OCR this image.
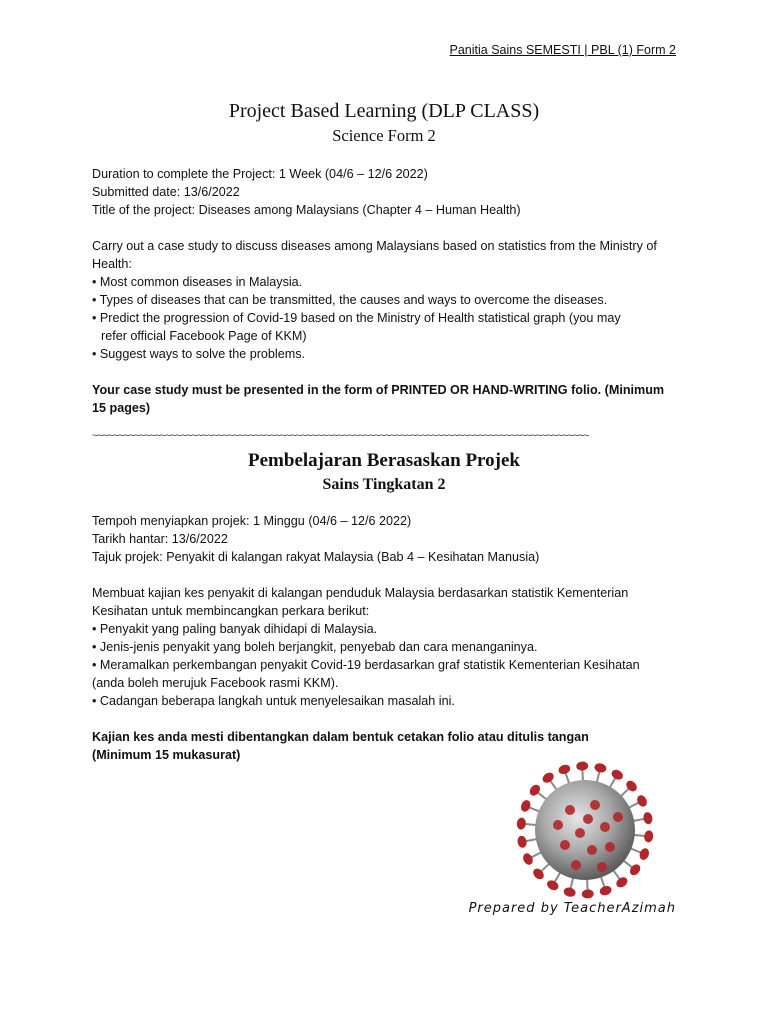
Panitia Sains SEMESTI | PBL (1) Form 2
Project Based Learning (DLP CLASS)
Science Form 2

Duration to complete the Project: 1 Week (04/6 – 12/6 2022)

Submitted date: 13/6/2022

Title of the project: Diseases among Malaysians (Chapter 4 – Human Health)

Carry out a case study to discuss diseases among Malaysians based on statistics from the Ministry of Health:

• Most common diseases in Malaysia.
• Types of diseases that can be transmitted, the causes and ways to overcome the diseases.
• Predict the progression of Covid-19 based on the Ministry of Health statistical graph (you may
refer official Facebook Page of KKM)
• Suggest ways to solve the problems.

Your case study must be presented in the form of PRINTED OR HAND-WRITING folio. (Minimum 15 pages)

~~~~~~~~~~~~~~~~~~~~~~~~~~~~~~~~~~~~~~~~~~~~~~~~~~~~~~~~~~~~~~~~~~~~~~~~~~~~~~~~~~~~~~~~~~~~~~~
Pembelajaran Berasaskan Projek
Sains Tingkatan 2

Tempoh menyiapkan projek: 1 Minggu (04/6 – 12/6 2022)

Tarikh hantar: 13/6/2022

Tajuk projek: Penyakit di kalangan rakyat Malaysia (Bab 4 – Kesihatan Manusia)

Membuat kajian kes penyakit di kalangan penduduk Malaysia berdasarkan statistik Kementerian Kesihatan untuk membincangkan perkara berikut:

• Penyakit yang paling banyak dihidapi di Malaysia.
• Jenis-jenis penyakit yang boleh berjangkit, penyebab dan cara menanganinya.
• Meramalkan perkembangan penyakit Covid-19 berdasarkan graf statistik Kementerian Kesihatan
(anda boleh merujuk Facebook rasmi KKM).
• Cadangan beberapa langkah untuk menyelesaikan masalah ini.

Kajian kes anda mesti dibentangkan dalam bentuk cetakan folio atau ditulis tangan

(Minimum 15 mukasurat)

Prepared by TeacherAzimah
